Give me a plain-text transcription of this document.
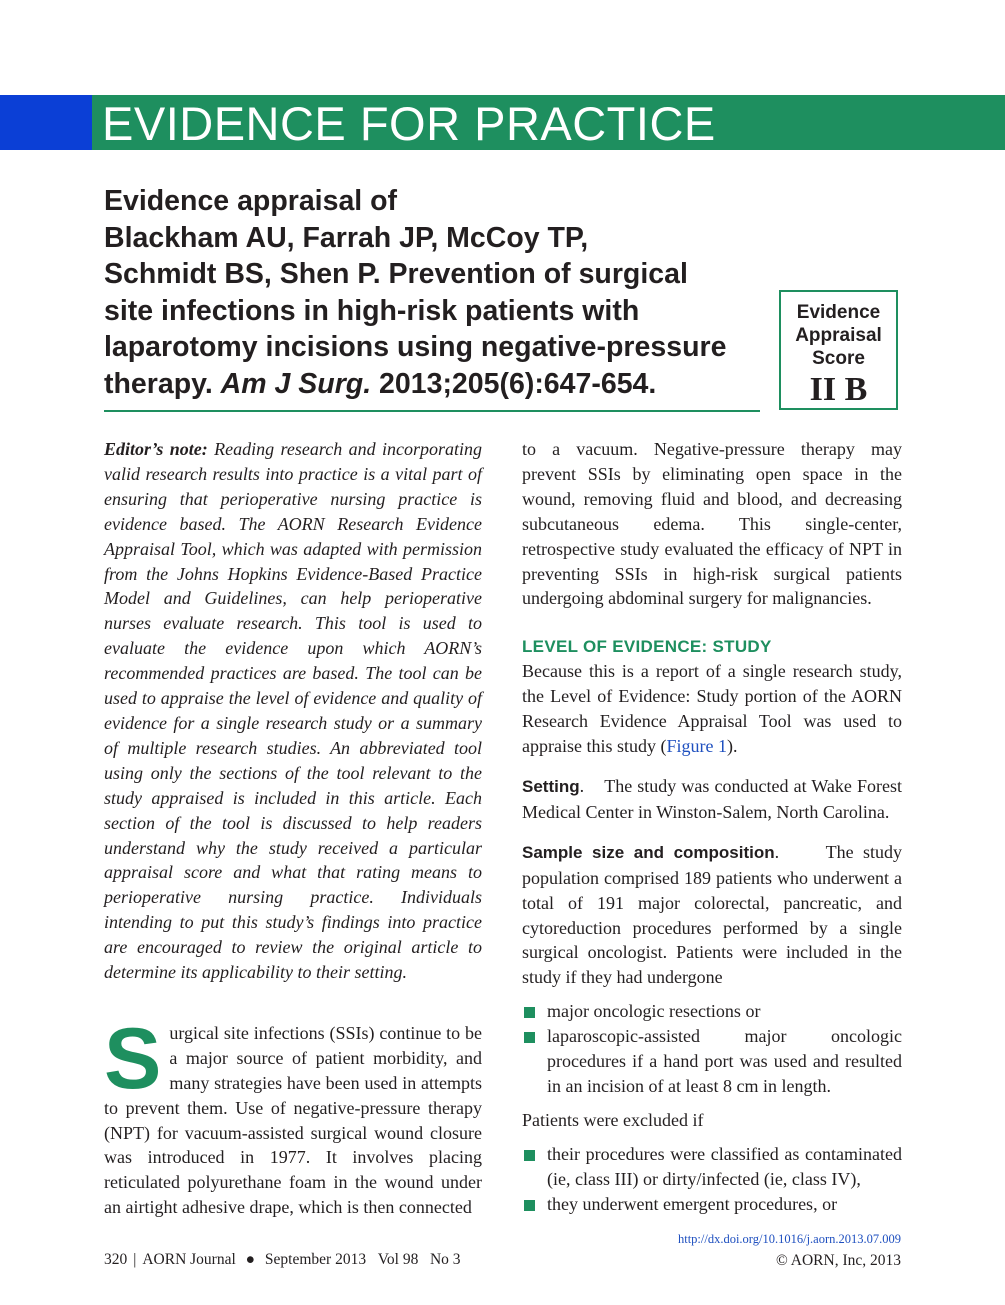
EVIDENCE FOR PRACTICE
Evidence appraisal of
Blackham AU, Farrah JP, McCoy TP,
Schmidt BS, Shen P. Prevention of surgical
site infections in high-risk patients with
laparotomy incisions using negative-pressure
therapy. Am J Surg. 2013;205(6):647-654.
Evidence
Appraisal
Score
II B

Editor’s note: Reading research and incorporating valid research results into practice is a vital part of ensuring that perioperative nursing practice is evidence based. The AORN Research Evidence Appraisal Tool, which was adapted with permission from the Johns Hopkins Evidence-Based Practice Model and Guidelines, can help perioperative nurses evaluate research. This tool is used to evaluate the evidence upon which AORN’s recommended practices are based. The tool can be used to appraise the level of evidence and quality of evidence for a single research study or a summary of multiple research studies. An abbreviated tool using only the sections of the tool relevant to the study appraised is included in this article. Each section of the tool is discussed to help readers understand why the study received a particular appraisal score and what that rating means to perioperative nursing practice. Individuals intending to put this study’s findings into practice are encouraged to review the original article to determine its applicability to their setting.

Surgical site infections (SSIs) continue to be a major source of patient morbidity, and many strategies have been used in attempts to prevent them. Use of negative-pressure therapy (NPT) for vacuum-assisted surgical wound closure was introduced in 1977. It involves placing reticulated polyurethane foam in the wound under an airtight adhesive drape, which is then connected

to a vacuum. Negative-pressure therapy may prevent SSIs by eliminating open space in the wound, removing fluid and blood, and decreasing subcutaneous edema. This single-center, retrospective study evaluated the efficacy of NPT in preventing SSIs in high-risk surgical patients undergoing abdominal surgery for malignancies.

LEVEL OF EVIDENCE: STUDY

Because this is a report of a single research study, the Level of Evidence: Study portion of the AORN Research Evidence Appraisal Tool was used to appraise this study (Figure 1).

Setting.    The study was conducted at Wake Forest Medical Center in Winston-Salem, North Carolina.

Sample size and composition.     The study population comprised 189 patients who underwent a total of 191 major colorectal, pancreatic, and cytoreduction procedures performed by a single surgical oncologist. Patients were included in the study if they had undergone

major oncologic resections or
laparoscopic-assisted major oncologic procedures if a hand port was used and resulted in an incision of at least 8 cm in length.

Patients were excluded if

their procedures were classified as contaminated (ie, class III) or dirty/infected (ie, class IV),
they underwent emergent procedures, or
320 | AORN Journal ● September 2013 Vol 98 No 3
http://dx.doi.org/10.1016/j.aorn.2013.07.009
© AORN, Inc, 2013
